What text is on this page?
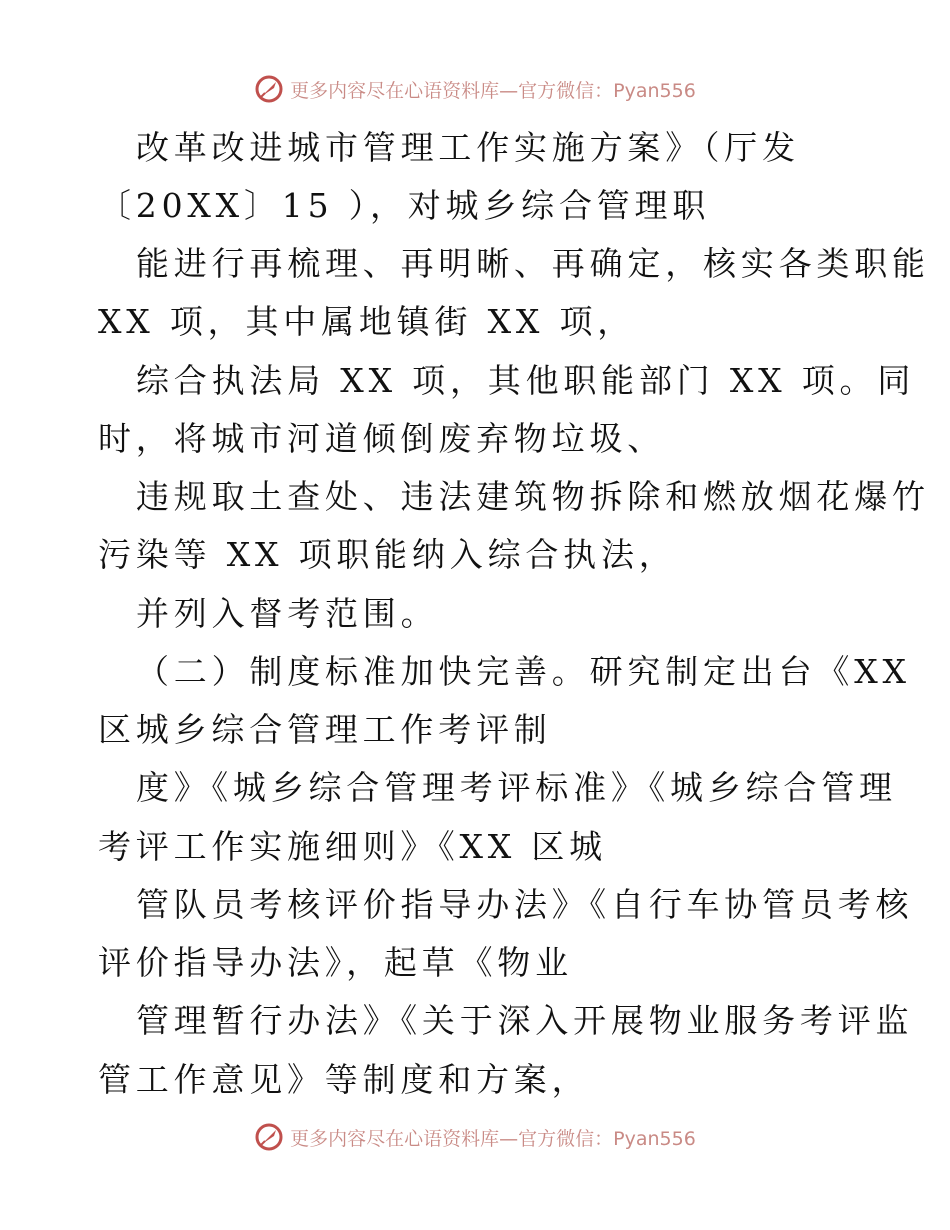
更多内容尽在心语资料库—官方微信：Pyan556
改革改进城市管理工作实施方案》（厅发
〔20XX〕15 ），对城乡综合管理职
能进行再梳理、再明晰、再确定，核实各类职能
XX 项，其中属地镇街 XX 项，
综合执法局 XX 项，其他职能部门 XX 项。同
时，将城市河道倾倒废弃物垃圾、
违规取土查处、违法建筑物拆除和燃放烟花爆竹
污染等 XX 项职能纳入综合执法，
并列入督考范围。
（二）制度标准加快完善。研究制定出台《XX
区城乡综合管理工作考评制
度》《城乡综合管理考评标准》《城乡综合管理
考评工作实施细则》《XX 区城
管队员考核评价指导办法》《自行车协管员考核
评价指导办法》，起草《物业
管理暂行办法》《关于深入开展物业服务考评监
管工作意见》等制度和方案，
更多内容尽在心语资料库—官方微信：Pyan556
